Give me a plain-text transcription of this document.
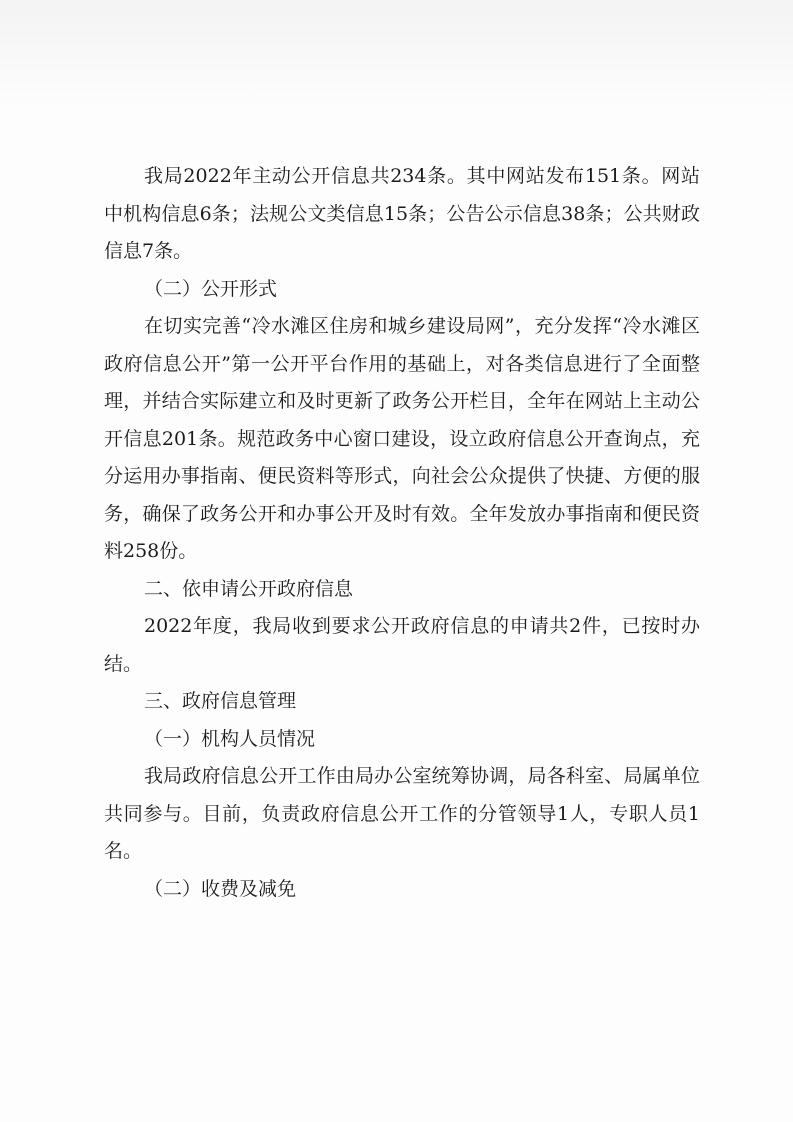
我局2022年主动公开信息共234条。其中网站发布151条。网站中机构信息6条；法规公文类信息15条；公告公示信息38条；公共财政信息7条。

（二）公开形式

在切实完善“冷水滩区住房和城乡建设局网”，充分发挥“冷水滩区政府信息公开”第一公开平台作用的基础上，对各类信息进行了全面整理，并结合实际建立和及时更新了政务公开栏目，全年在网站上主动公开信息201条。规范政务中心窗口建设，设立政府信息公开查询点，充分运用办事指南、便民资料等形式，向社会公众提供了快捷、方便的服务，确保了政务公开和办事公开及时有效。全年发放办事指南和便民资料258份。

二、依申请公开政府信息

2022年度，我局收到要求公开政府信息的申请共2件，已按时办结。

三、政府信息管理

（一）机构人员情况

我局政府信息公开工作由局办公室统筹协调，局各科室、局属单位共同参与。目前，负责政府信息公开工作的分管领导1人，专职人员1名。

（二）收费及减免
